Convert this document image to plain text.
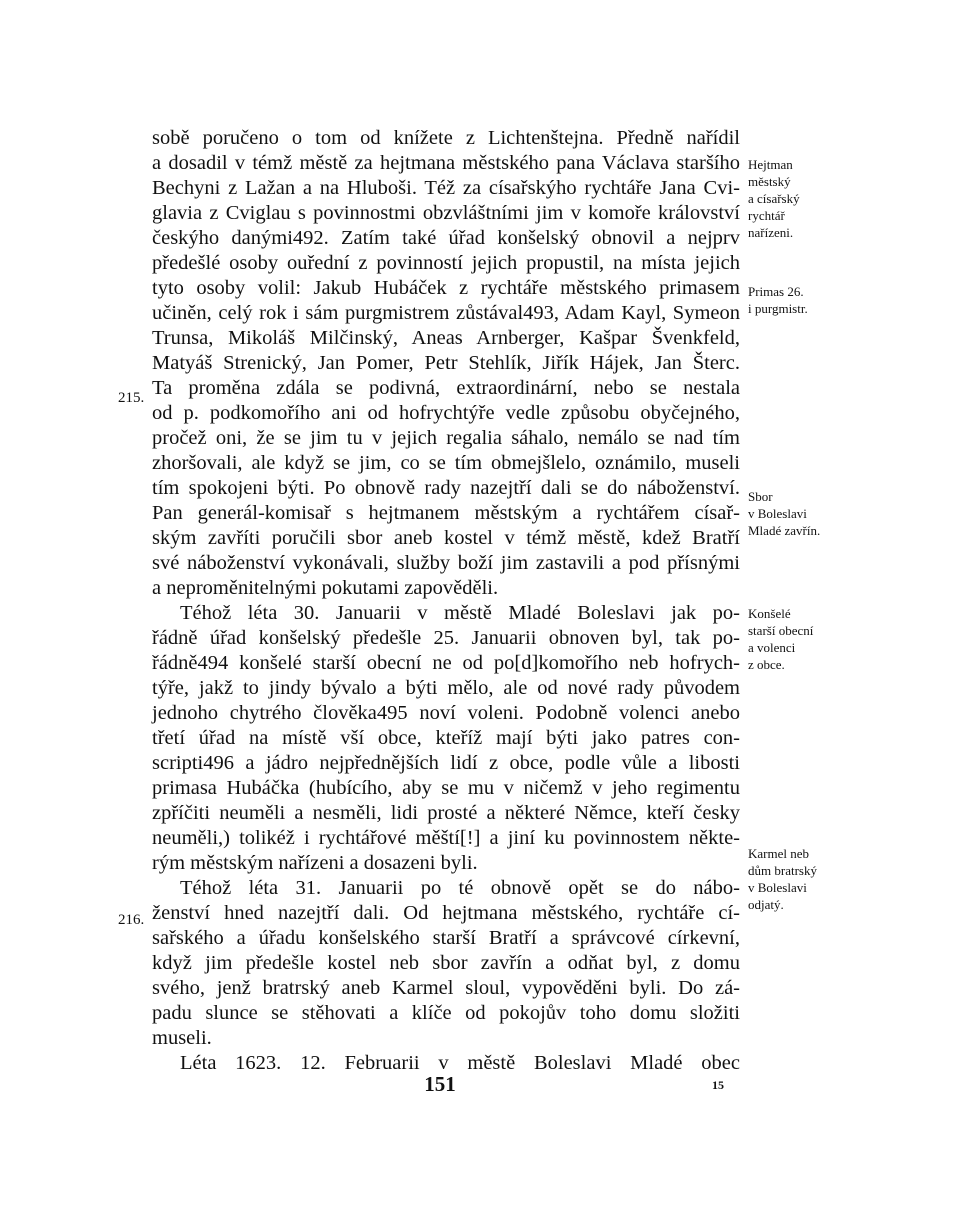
sobě poručeno o tom od knížete z Lichtenštejna. Předně nařídil
a dosadil v témž městě za hejtmana městského pana Václava staršího
Bechyni z Lažan a na Hluboši. Též za císařskýho rychtáře Jana Cvi-
glavia z Cviglau s povinnostmi obzvláštními jim v komoře království
českýho danými492. Zatím také úřad konšelský obnovil a nejprv
předešlé osoby ouřední z povinností jejich propustil, na místa jejich
tyto osoby volil: Jakub Hubáček z rychtáře městského primasem
učiněn, celý rok i sám purgmistrem zůstával493, Adam Kayl, Symeon
Trunsa, Mikoláš Milčinský, Aneas Arnberger, Kašpar Švenkfeld,
Matyáš Strenický, Jan Pomer, Petr Stehlík, Jiřík Hájek, Jan Šterc.
Ta proměna zdála se podivná, extraordinární, nebo se nestala
od p. podkomořího ani od hofrychtýře vedle způsobu obyčejného,
pročež oni, že se jim tu v jejich regalia sáhalo, nemálo se nad tím
zhoršovali, ale když se jim, co se tím obmejšlelo, oznámilo, museli
tím spokojeni býti. Po obnově rady nazejtří dali se do náboženství.
Pan generál-komisař s hejtmanem městským a rychtářem císař-
ským zavříti poručili sbor aneb kostel v témž městě, kdež Bratří
své náboženství vykonávali, služby boží jim zastavili a pod přísnými
a neproměnitelnými pokutami zapověděli.
Téhož léta 30. Januarii v městě Mladé Boleslavi jak po-
řádně úřad konšelský předešle 25. Januarii obnoven byl, tak po-
řádně494 konšelé starší obecní ne od po[d]komořího neb hofrych-
týře, jakž to jindy bývalo a býti mělo, ale od nové rady původem
jednoho chytrého člověka495 noví voleni. Podobně volenci anebo
třetí úřad na místě vší obce, kteříž mají býti jako patres con-
scripti496 a jádro nejpřednějších lidí z obce, podle vůle a libosti
primasa Hubáčka (hubícího, aby se mu v ničemž v jeho regimentu
zpříčiti neuměli a nesměli, lidi prosté a některé Němce, kteří česky
neuměli,) tolikéž i rychtářové měští[!] a jiní ku povinnostem někte-
rým městským nařízeni a dosazeni byli.
Téhož léta 31. Januarii po té obnově opět se do nábo-
ženství hned nazejtří dali. Od hejtmana městského, rychtáře cí-
sařského a úřadu konšelského starší Bratří a správcové církevní,
když jim předešle kostel neb sbor zavřín a odňat byl, z domu
svého, jenž bratrský aneb Karmel sloul, vypověděni byli. Do zá-
padu slunce se stěhovati a klíče od pokojův toho domu složiti
museli.
Léta 1623. 12. Februarii v městě Boleslavi Mladé obec
215.
216.
Hejtman
městský
a císařský
rychtář
nařízeni.
Primas 26.
i purgmistr.
Sbor
v Boleslavi
Mladé zavřín.
Konšelé
starší obecní
a volenci
z obce.
Karmel neb
dům bratrský
v Boleslavi
odjatý.
151	15
